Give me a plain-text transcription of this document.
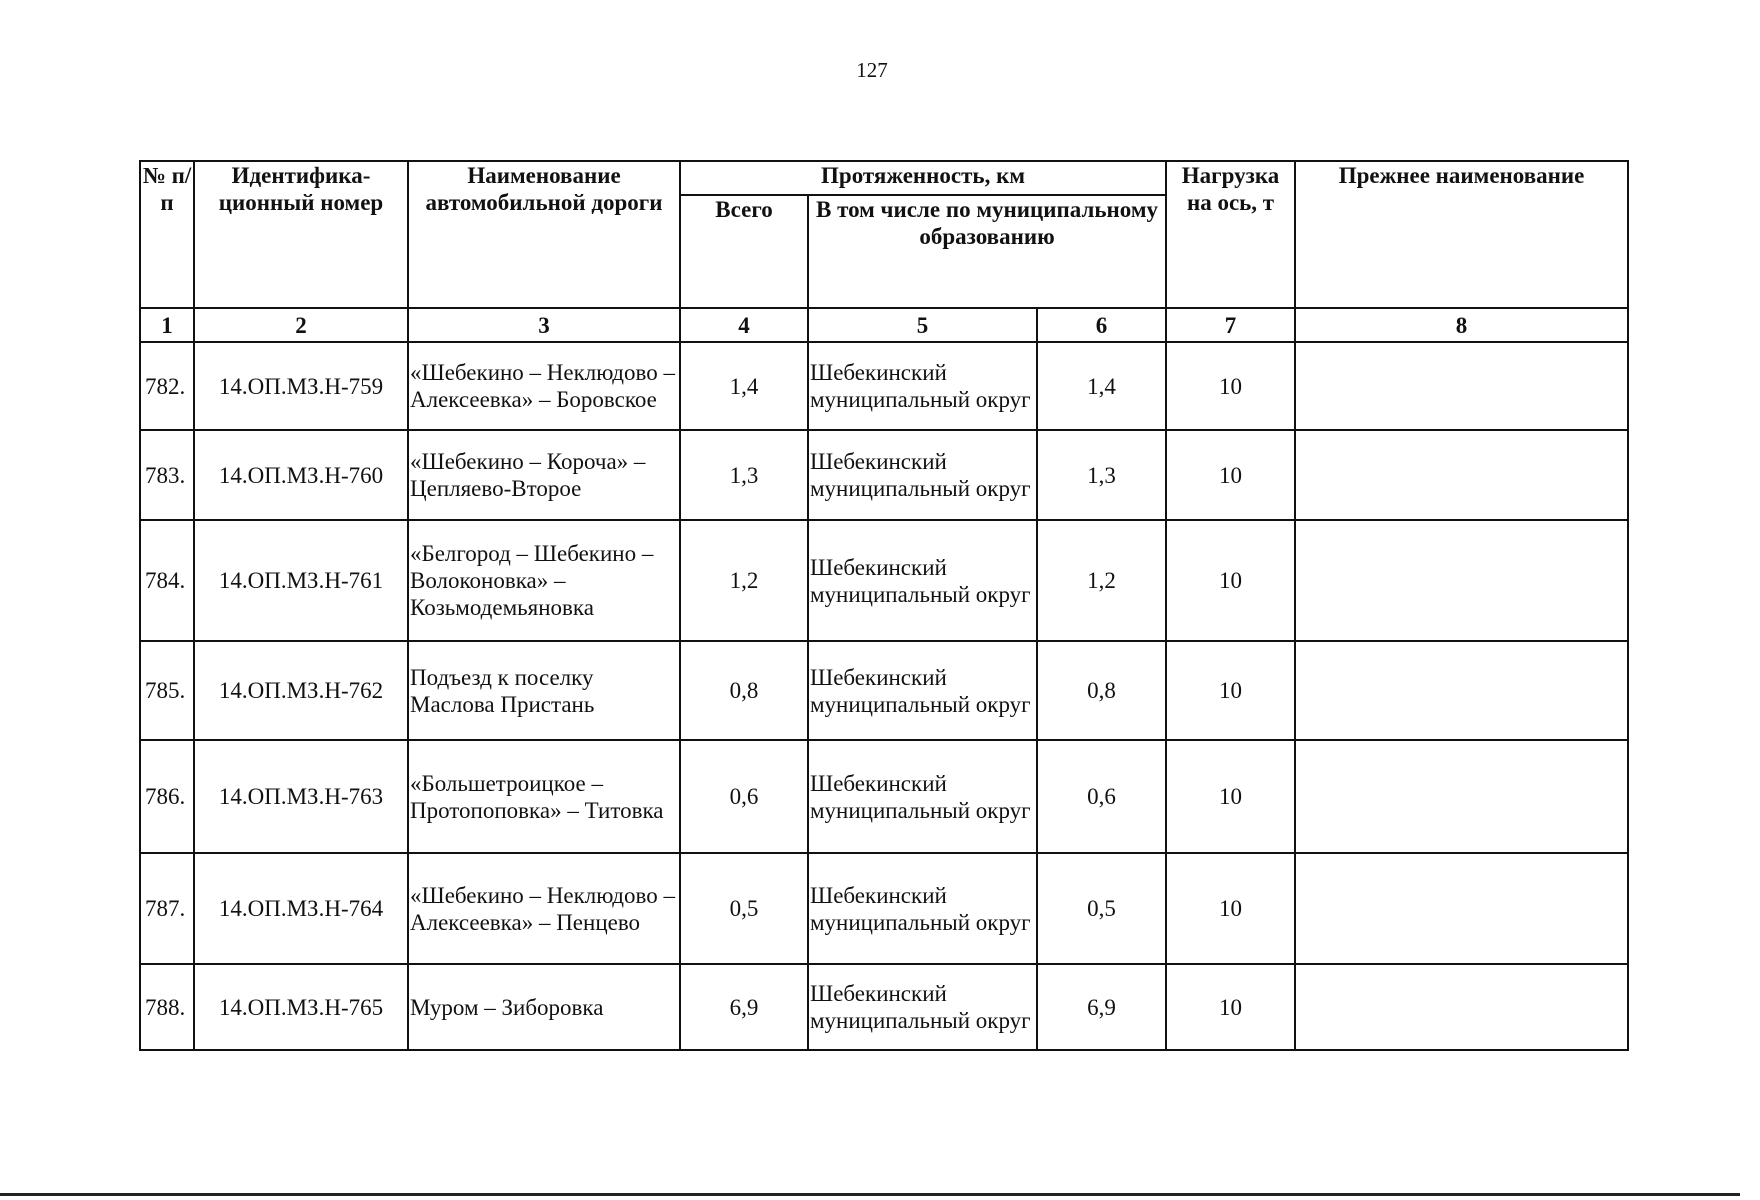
127
№ п/п	Идентифика-ционный номер	Наименование автомобильной дороги	Протяженность, км			Нагрузка на ось, т	Прежнее наименование
			Всего	В том числе по муниципальному образованию			
1	2	3	4	5	6	7	8
782.	14.ОП.МЗ.Н-759	«Шебекино – Неклюдово – Алексеевка» – Боровское	1,4	Шебекинский муниципальный округ	1,4	10	
783.	14.ОП.МЗ.Н-760	«Шебекино – Короча» – Цепляево-Второе	1,3	Шебекинский муниципальный округ	1,3	10	
784.	14.ОП.МЗ.Н-761	«Белгород – Шебекино – Волоконовка» – Козьмодемьяновка	1,2	Шебекинский муниципальный округ	1,2	10	
785.	14.ОП.МЗ.Н-762	Подъезд к поселку Маслова Пристань	0,8	Шебекинский муниципальный округ	0,8	10	
786.	14.ОП.МЗ.Н-763	«Большетроицкое – Протопоповка» – Титовка	0,6	Шебекинский муниципальный округ	0,6	10	
787.	14.ОП.МЗ.Н-764	«Шебекино – Неклюдово – Алексеевка» – Пенцево	0,5	Шебекинский муниципальный округ	0,5	10	
788.	14.ОП.МЗ.Н-765	Муром – Зиборовка	6,9	Шебекинский муниципальный округ	6,9	10	
